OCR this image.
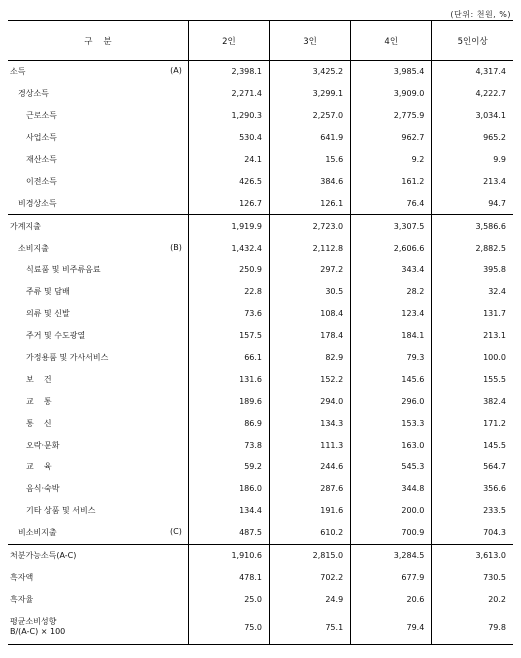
(단위: 천원, %)
구    분	2인	3인	4인	5인이상

소득 (A)	2,398.1	3,425.2	3,985.4	4,317.4

경상소득	2,271.4	3,299.1	3,909.0	4,222.7

근로소득	1,290.3	2,257.0	2,775.9	3,034.1

사업소득	530.4	641.9	962.7	965.2

재산소득	24.1	15.6	9.2	9.9

이전소득	426.5	384.6	161.2	213.4

비경상소득	126.7	126.1	76.4	94.7

가계지출	1,919.9	2,723.0	3,307.5	3,586.6

소비지출 (B)	1,432.4	2,112.8	2,606.6	2,882.5

식료품 및 비주류음료	250.9	297.2	343.4	395.8

주류 및 담배	22.8	30.5	28.2	32.4

의류 및 신발	73.6	108.4	123.4	131.7

주거 및 수도광열	157.5	178.4	184.1	213.1

가정용품 및 가사서비스	66.1	82.9	79.3	100.0

보    건	131.6	152.2	145.6	155.5

교    통	189.6	294.0	296.0	382.4

통    신	86.9	134.3	153.3	171.2

오락·문화	73.8	111.3	163.0	145.5

교    육	59.2	244.6	545.3	564.7

음식·숙박	186.0	287.6	344.8	356.6

기타 상품 및 서비스	134.4	191.6	200.0	233.5

비소비지출 (C)	487.5	610.2	700.9	704.3

처분가능소득(A-C)	1,910.6	2,815.0	3,284.5	3,613.0

흑자액	478.1	702.2	677.9	730.5

흑자율	25.0	24.9	20.6	20.2

평균소비성향
B/(A-C) × 100	75.0	75.1	79.4	79.8
